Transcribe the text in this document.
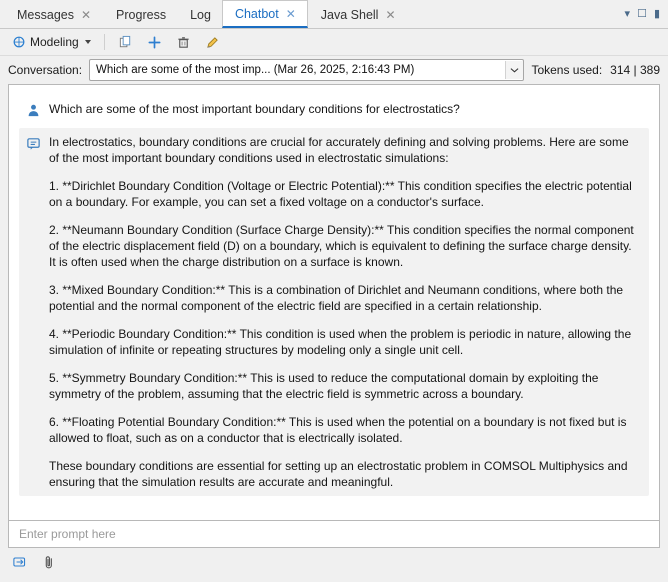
Messages ✕ Progress Log Chatbot ✕ Java Shell ✕	▾ ☐ ▮
Modeling
Conversation: Which are some of the most imp... (Mar 26, 2025, 2:16:43 PM)	Tokens used: 314 | 389

Which are some of the most important boundary conditions for electrostatics?

In electrostatics, boundary conditions are crucial for accurately defining and solving problems. Here are some of the most important boundary conditions used in electrostatic simulations:

1. **Dirichlet Boundary Condition (Voltage or Electric Potential):** This condition specifies the electric potential on a boundary. For example, you can set a fixed voltage on a conductor's surface.

2. **Neumann Boundary Condition (Surface Charge Density):** This condition specifies the normal component of the electric displacement field (D) on a boundary, which is equivalent to defining the surface charge density. It is often used when the charge distribution on a surface is known.

3. **Mixed Boundary Condition:** This is a combination of Dirichlet and Neumann conditions, where both the potential and the normal component of the electric field are specified in a certain relationship.

4. **Periodic Boundary Condition:** This condition is used when the problem is periodic in nature, allowing the simulation of infinite or repeating structures by modeling only a single unit cell.

5. **Symmetry Boundary Condition:** This is used to reduce the computational domain by exploiting the symmetry of the problem, assuming that the electric field is symmetric across a boundary.

6. **Floating Potential Boundary Condition:** This is used when the potential on a boundary is not fixed but is allowed to float, such as on a conductor that is electrically isolated.

These boundary conditions are essential for setting up an electrostatic problem in COMSOL Multiphysics and ensuring that the simulation results are accurate and meaningful.

Enter prompt here
